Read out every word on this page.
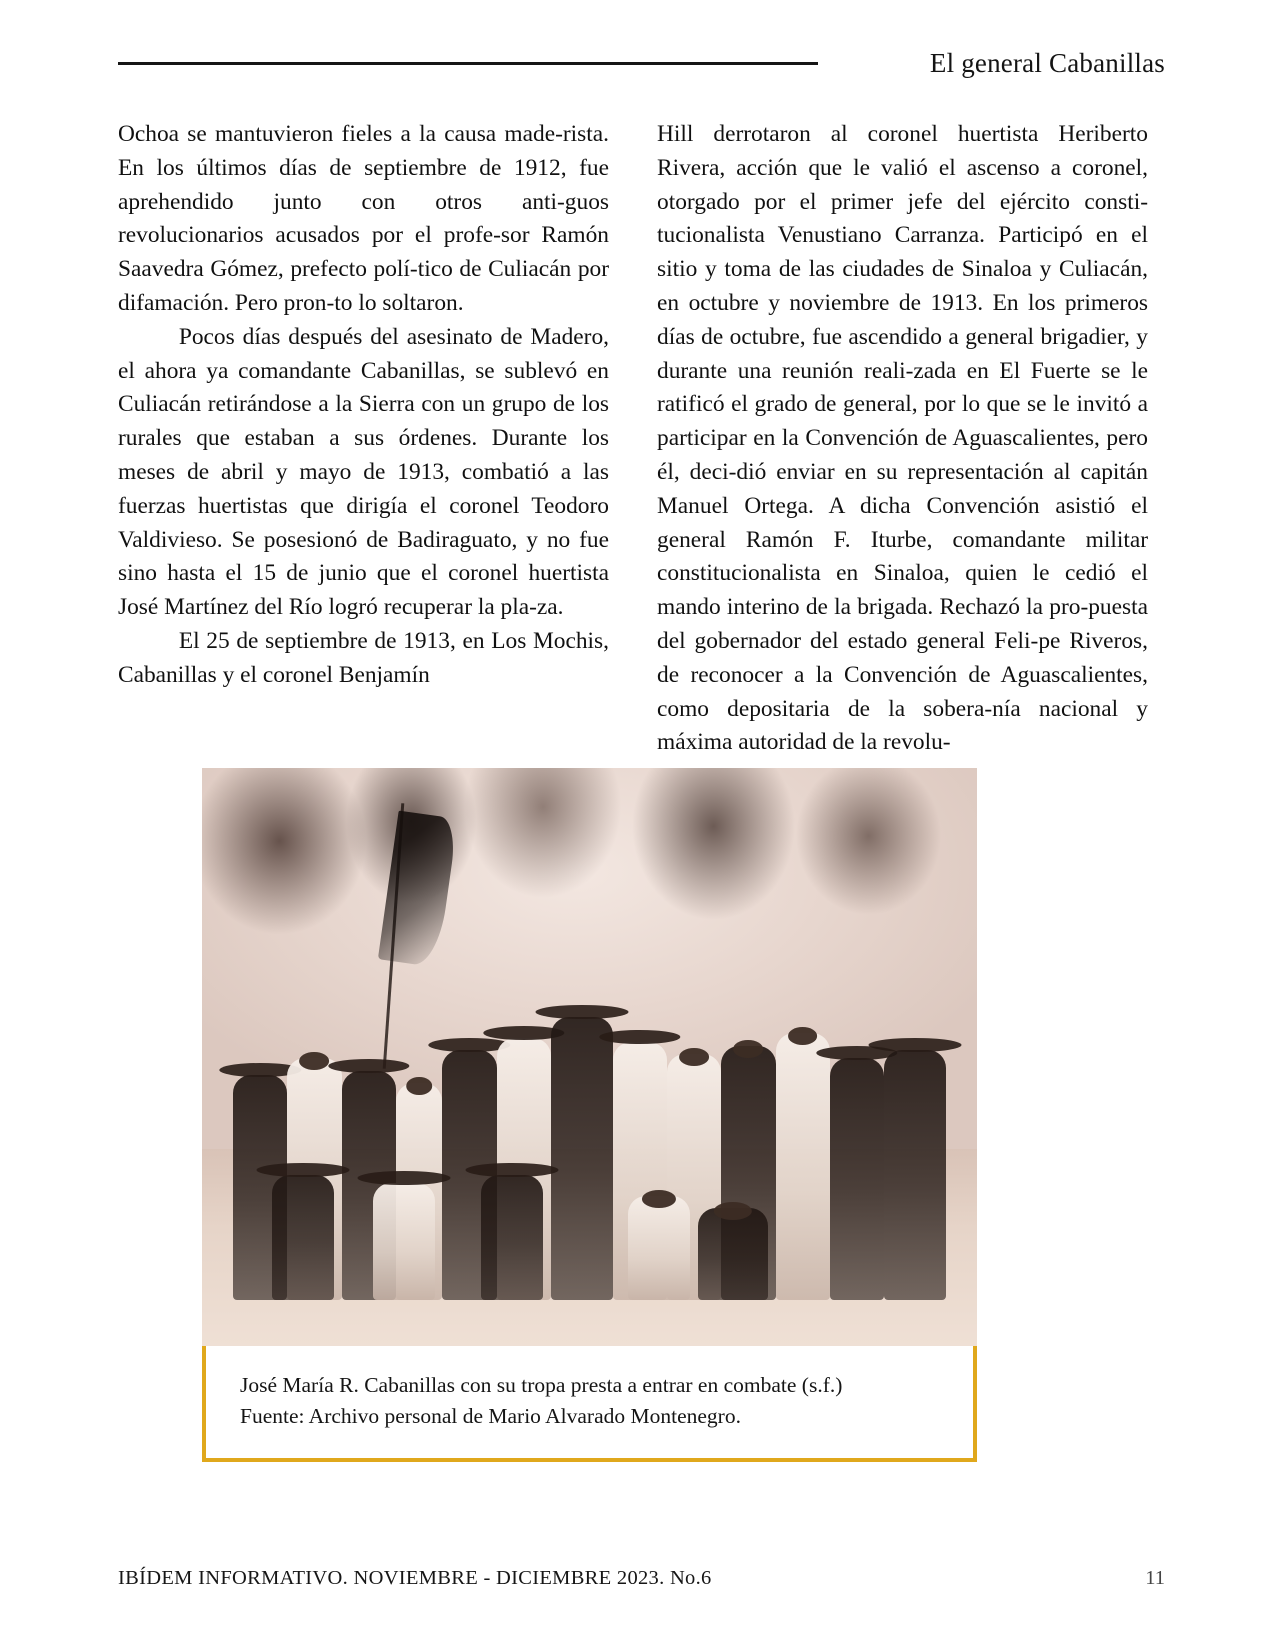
El general Cabanillas

Ochoa se mantuvieron fieles a la causa made-rista. En los últimos días de septiembre de 1912, fue aprehendido junto con otros anti-guos revolucionarios acusados por el profe-sor Ramón Saavedra Gómez, prefecto polí-tico de Culiacán por difamación. Pero pron-to lo soltaron.

Pocos días después del asesinato de Madero, el ahora ya comandante Cabanillas, se sublevó en Culiacán retirándose a la Sierra con un grupo de los rurales que estaban a sus órdenes. Durante los meses de abril y mayo de 1913, combatió a las fuerzas huertistas que dirigía el coronel Teodoro Valdivieso. Se posesionó de Badiraguato, y no fue sino hasta el 15 de junio que el coronel huertista José Martínez del Río logró recuperar la pla-za.

El 25 de septiembre de 1913, en Los Mochis, Cabanillas y el coronel Benjamín

Hill derrotaron al coronel huertista Heriberto Rivera, acción que le valió el ascenso a coronel, otorgado por el primer jefe del ejército consti-tucionalista Venustiano Carranza. Participó en el sitio y toma de las ciudades de Sinaloa y Culiacán, en octubre y noviembre de 1913. En los primeros días de octubre, fue ascendido a general brigadier, y durante una reunión reali-zada en El Fuerte se le ratificó el grado de general, por lo que se le invitó a participar en la Convención de Aguascalientes, pero él, deci-dió enviar en su representación al capitán Manuel Ortega. A dicha Convención asistió el general Ramón F. Iturbe, comandante militar constitucionalista en Sinaloa, quien le cedió el mando interino de la brigada. Rechazó la pro-puesta del gobernador del estado general Feli-pe Riveros, de reconocer a la Convención de Aguascalientes, como depositaria de la sobera-nía nacional y máxima autoridad de la revolu-

José María R. Cabanillas con su tropa presta a entrar en combate (s.f.)
Fuente: Archivo personal de Mario Alvarado Montenegro.
IBÍDEM INFORMATIVO. NOVIEMBRE - DICIEMBRE 2023. No.6	11
